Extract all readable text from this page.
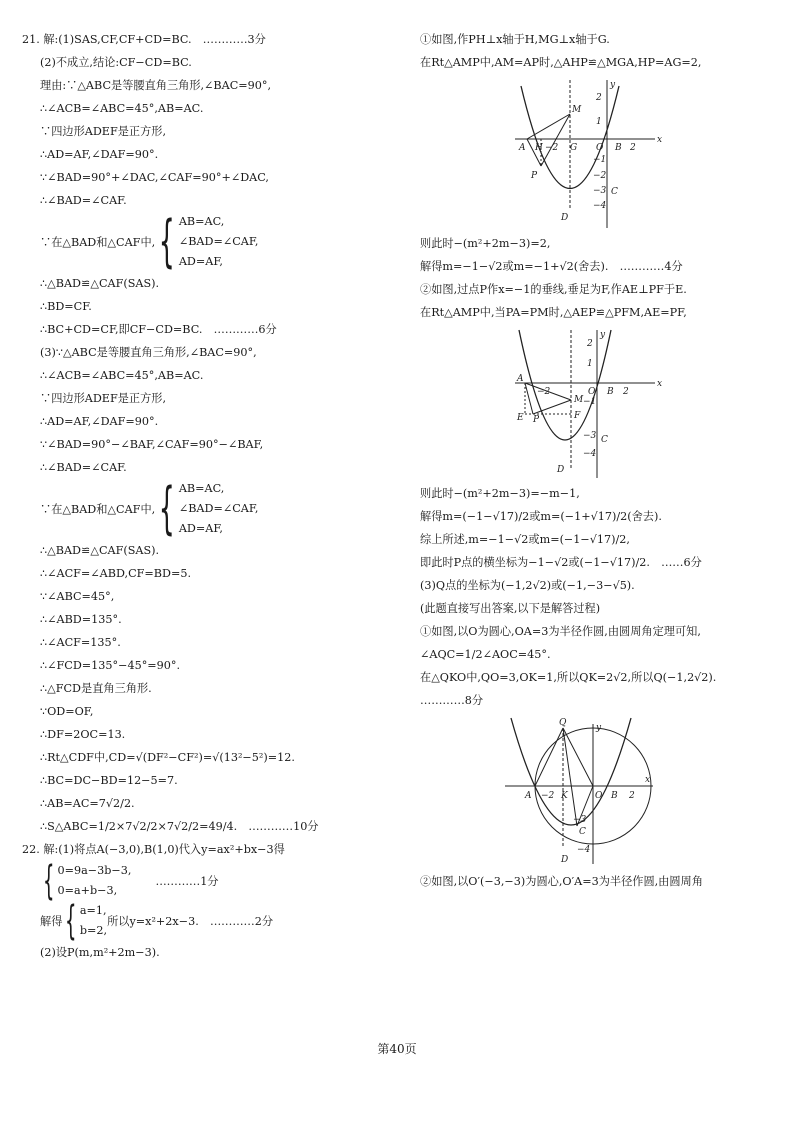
21. 解:(1)SAS,CF,CF+CD=BC.　…………3分
(2)不成立,结论:CF−CD=BC.
理由:∵△ABC是等腰直角三角形,∠BAC=90°,
∴∠ACB=∠ABC=45°,AB=AC.
∵四边形ADEF是正方形,
∴AD=AF,∠DAF=90°.
∵∠BAD=90°+∠DAC,∠CAF=90°+∠DAC,
∴∠BAD=∠CAF.
∵在△BAD和△CAF中, { AB=AC,
∠BAD=∠CAF,
AD=AF,
∴△BAD≌△CAF(SAS).
∴BD=CF.
∴BC+CD=CF,即CF−CD=BC.　…………6分
(3)∵△ABC是等腰直角三角形,∠BAC=90°,
∴∠ACB=∠ABC=45°,AB=AC.
∵四边形ADEF是正方形,
∴AD=AF,∠DAF=90°.
∵∠BAD=90°−∠BAF,∠CAF=90°−∠BAF,
∴∠BAD=∠CAF.
∵在△BAD和△CAF中, { AB=AC,
∠BAD=∠CAF,
AD=AF,
∴△BAD≌△CAF(SAS).
∴∠ACF=∠ABD,CF=BD=5.
∵∠ABC=45°,
∴∠ABD=135°.
∴∠ACF=135°.
∴∠FCD=135°−45°=90°.
∴△FCD是直角三角形.
∵OD=OF,
∴DF=2OC=13.
∴Rt△CDF中,CD=√(DF²−CF²)=√(13²−5²)=12.
∴BC=DC−BD=12−5=7.
∴AB=AC=7√2/2.
∴S△ABC=1/2×7√2/2×7√2/2=49/4.　…………10分
22. 解:(1)将点A(−3,0),B(1,0)代入y=ax²+bx−3得
{ 0=9a−3b−3,
0=a+b−3,
…………1分
解得 { a=1,
b=2,
所以y=x²+2x−3.　…………2分
(2)设P(m,m²+2m−3).
①如图,作PH⊥x轴于H,MG⊥x轴于G.
在Rt△AMP中,AM=AP时,△AHP≌△MGA,HP=AG=2,
x
y
A H −2 G O B 2
M
P
C
D
2
1
−1
−2
−3
−4
则此时−(m²+2m−3)=2,
解得m=−1−√2或m=−1+√2(舍去).　…………4分
②如图,过点P作x=−1的垂线,垂足为F,作AE⊥PF于E.
在Rt△AMP中,当PA=PM时,△AEP≌△PFM,AE=PF,
x
y
A
−2	O B 2
M
F
E P
C
D
2
1
−1
−3
−4
则此时−(m²+2m−3)=−m−1,
解得m=(−1−√17)/2或m=(−1+√17)/2(舍去).
综上所述,m=−1−√2或m=(−1−√17)/2,
即此时P点的横坐标为−1−√2或(−1−√17)/2.　……6分
(3)Q点的坐标为(−1,2√2)或(−1,−3−√5).
(此题直接写出答案,以下是解答过程)
①如图,以O为圆心,OA=3为半径作圆,由圆周角定理可知,
∠AQC=1/2∠AOC=45°.
在△QKO中,QO=3,OK=1,所以QK=2√2,所以Q(−1,2√2).
…………8分
x
y
Q
A −2 K	O B 2
C
D
−3
−4
②如图,以O′(−3,−3)为圆心,O′A=3为半径作圆,由圆周角
第40页
